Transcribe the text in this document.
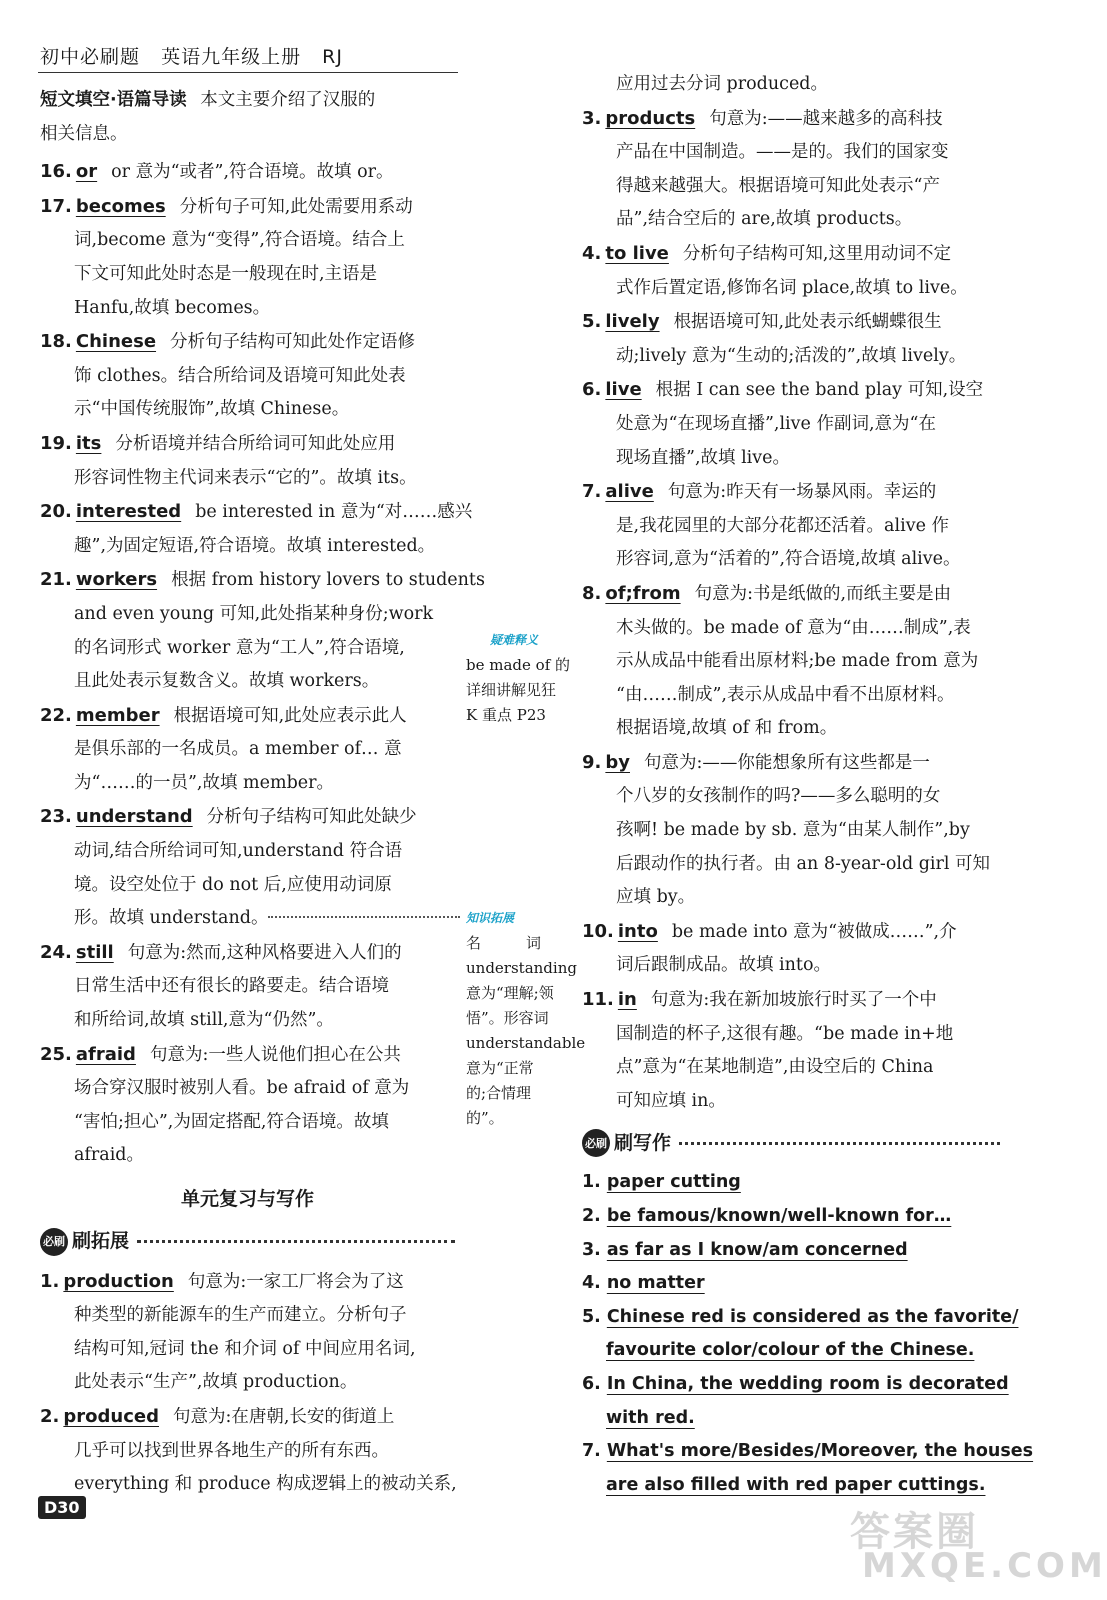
初中必刷题 英语九年级上册 RJ
短文填空·语篇导读 本文主要介绍了汉服的
相关信息。
16. or or 意为“或者”,符合语境。故填 or。
17. becomes 分析句子可知,此处需要用系动
词,become 意为“变得”,符合语境。结合上
下文可知此处时态是一般现在时,主语是
Hanfu,故填 becomes。
18. Chinese 分析句子结构可知此处作定语修
饰 clothes。结合所给词及语境可知此处表
示“中国传统服饰”,故填 Chinese。
19. its 分析语境并结合所给词可知此处应用
形容词性物主代词来表示“它的”。故填 its。
20. interested be interested in 意为“对……感兴
趣”,为固定短语,符合语境。故填 interested。
21. workers 根据 from history lovers to students
and even young 可知,此处指某种身份;work
的名词形式 worker 意为“工人”,符合语境,
且此处表示复数含义。故填 workers。
22. member 根据语境可知,此处应表示此人
是俱乐部的一名成员。a member of… 意
为“……的一员”,故填 member。
23. understand 分析句子结构可知此处缺少
动词,结合所给词可知,understand 符合语
境。设空处位于 do not 后,应使用动词原
形。故填 understand。
24. still 句意为:然而,这种风格要进入人们的
日常生活中还有很长的路要走。结合语境
和所给词,故填 still,意为“仍然”。
25. afraid 句意为:一些人说他们担心在公共
场合穿汉服时被别人看。be afraid of 意为
“害怕;担心”,为固定搭配,符合语境。故填
afraid。
单元复习与写作
必刷 刷拓展
1. production 句意为:一家工厂将会为了这
种类型的新能源车的生产而建立。分析句子
结构可知,冠词 the 和介词 of 中间应用名词,
此处表示“生产”,故填 production。
2. produced 句意为:在唐朝,长安的街道上
几乎可以找到世界各地生产的所有东西。
everything 和 produce 构成逻辑上的被动关系,
疑难释义
be made of 的
详细讲解见狂
K 重点 P23
知识拓展
名　　　词
understanding
意为“理解;领
悟”。形容词
understandable
意为“正常
的;合情理
的”。
应用过去分词 produced。
3. products 句意为:——越来越多的高科技
产品在中国制造。——是的。我们的国家变
得越来越强大。根据语境可知此处表示“产
品”,结合空后的 are,故填 products。
4. to live 分析句子结构可知,这里用动词不定
式作后置定语,修饰名词 place,故填 to live。
5. lively 根据语境可知,此处表示纸蝴蝶很生
动;lively 意为“生动的;活泼的”,故填 lively。
6. live 根据 I can see the band play 可知,设空
处意为“在现场直播”,live 作副词,意为“在
现场直播”,故填 live。
7. alive 句意为:昨天有一场暴风雨。幸运的
是,我花园里的大部分花都还活着。alive 作
形容词,意为“活着的”,符合语境,故填 alive。
8. of;from 句意为:书是纸做的,而纸主要是由
木头做的。be made of 意为“由……制成”,表
示从成品中能看出原材料;be made from 意为
“由……制成”,表示从成品中看不出原材料。
根据语境,故填 of 和 from。
9. by 句意为:——你能想象所有这些都是一
个八岁的女孩制作的吗?——多么聪明的女
孩啊! be made by sb. 意为“由某人制作”,by
后跟动作的执行者。由 an 8-year-old girl 可知
应填 by。
10. into be made into 意为“被做成……”,介
词后跟制成品。故填 into。
11. in 句意为:我在新加坡旅行时买了一个中
国制造的杯子,这很有趣。“be made in+地
点”意为“在某地制造”,由设空后的 China
可知应填 in。
必刷 刷写作
1. paper cutting
2. be famous/known/well-known for…
3. as far as I know/am concerned
4. no matter
5. Chinese red is considered as the favorite/
favourite color/colour of the Chinese.
6. In China, the wedding room is decorated
with red.
7. What's more/Besides/Moreover, the houses
are also filled with red paper cuttings.
D30
答案圈
MXQE.COM
